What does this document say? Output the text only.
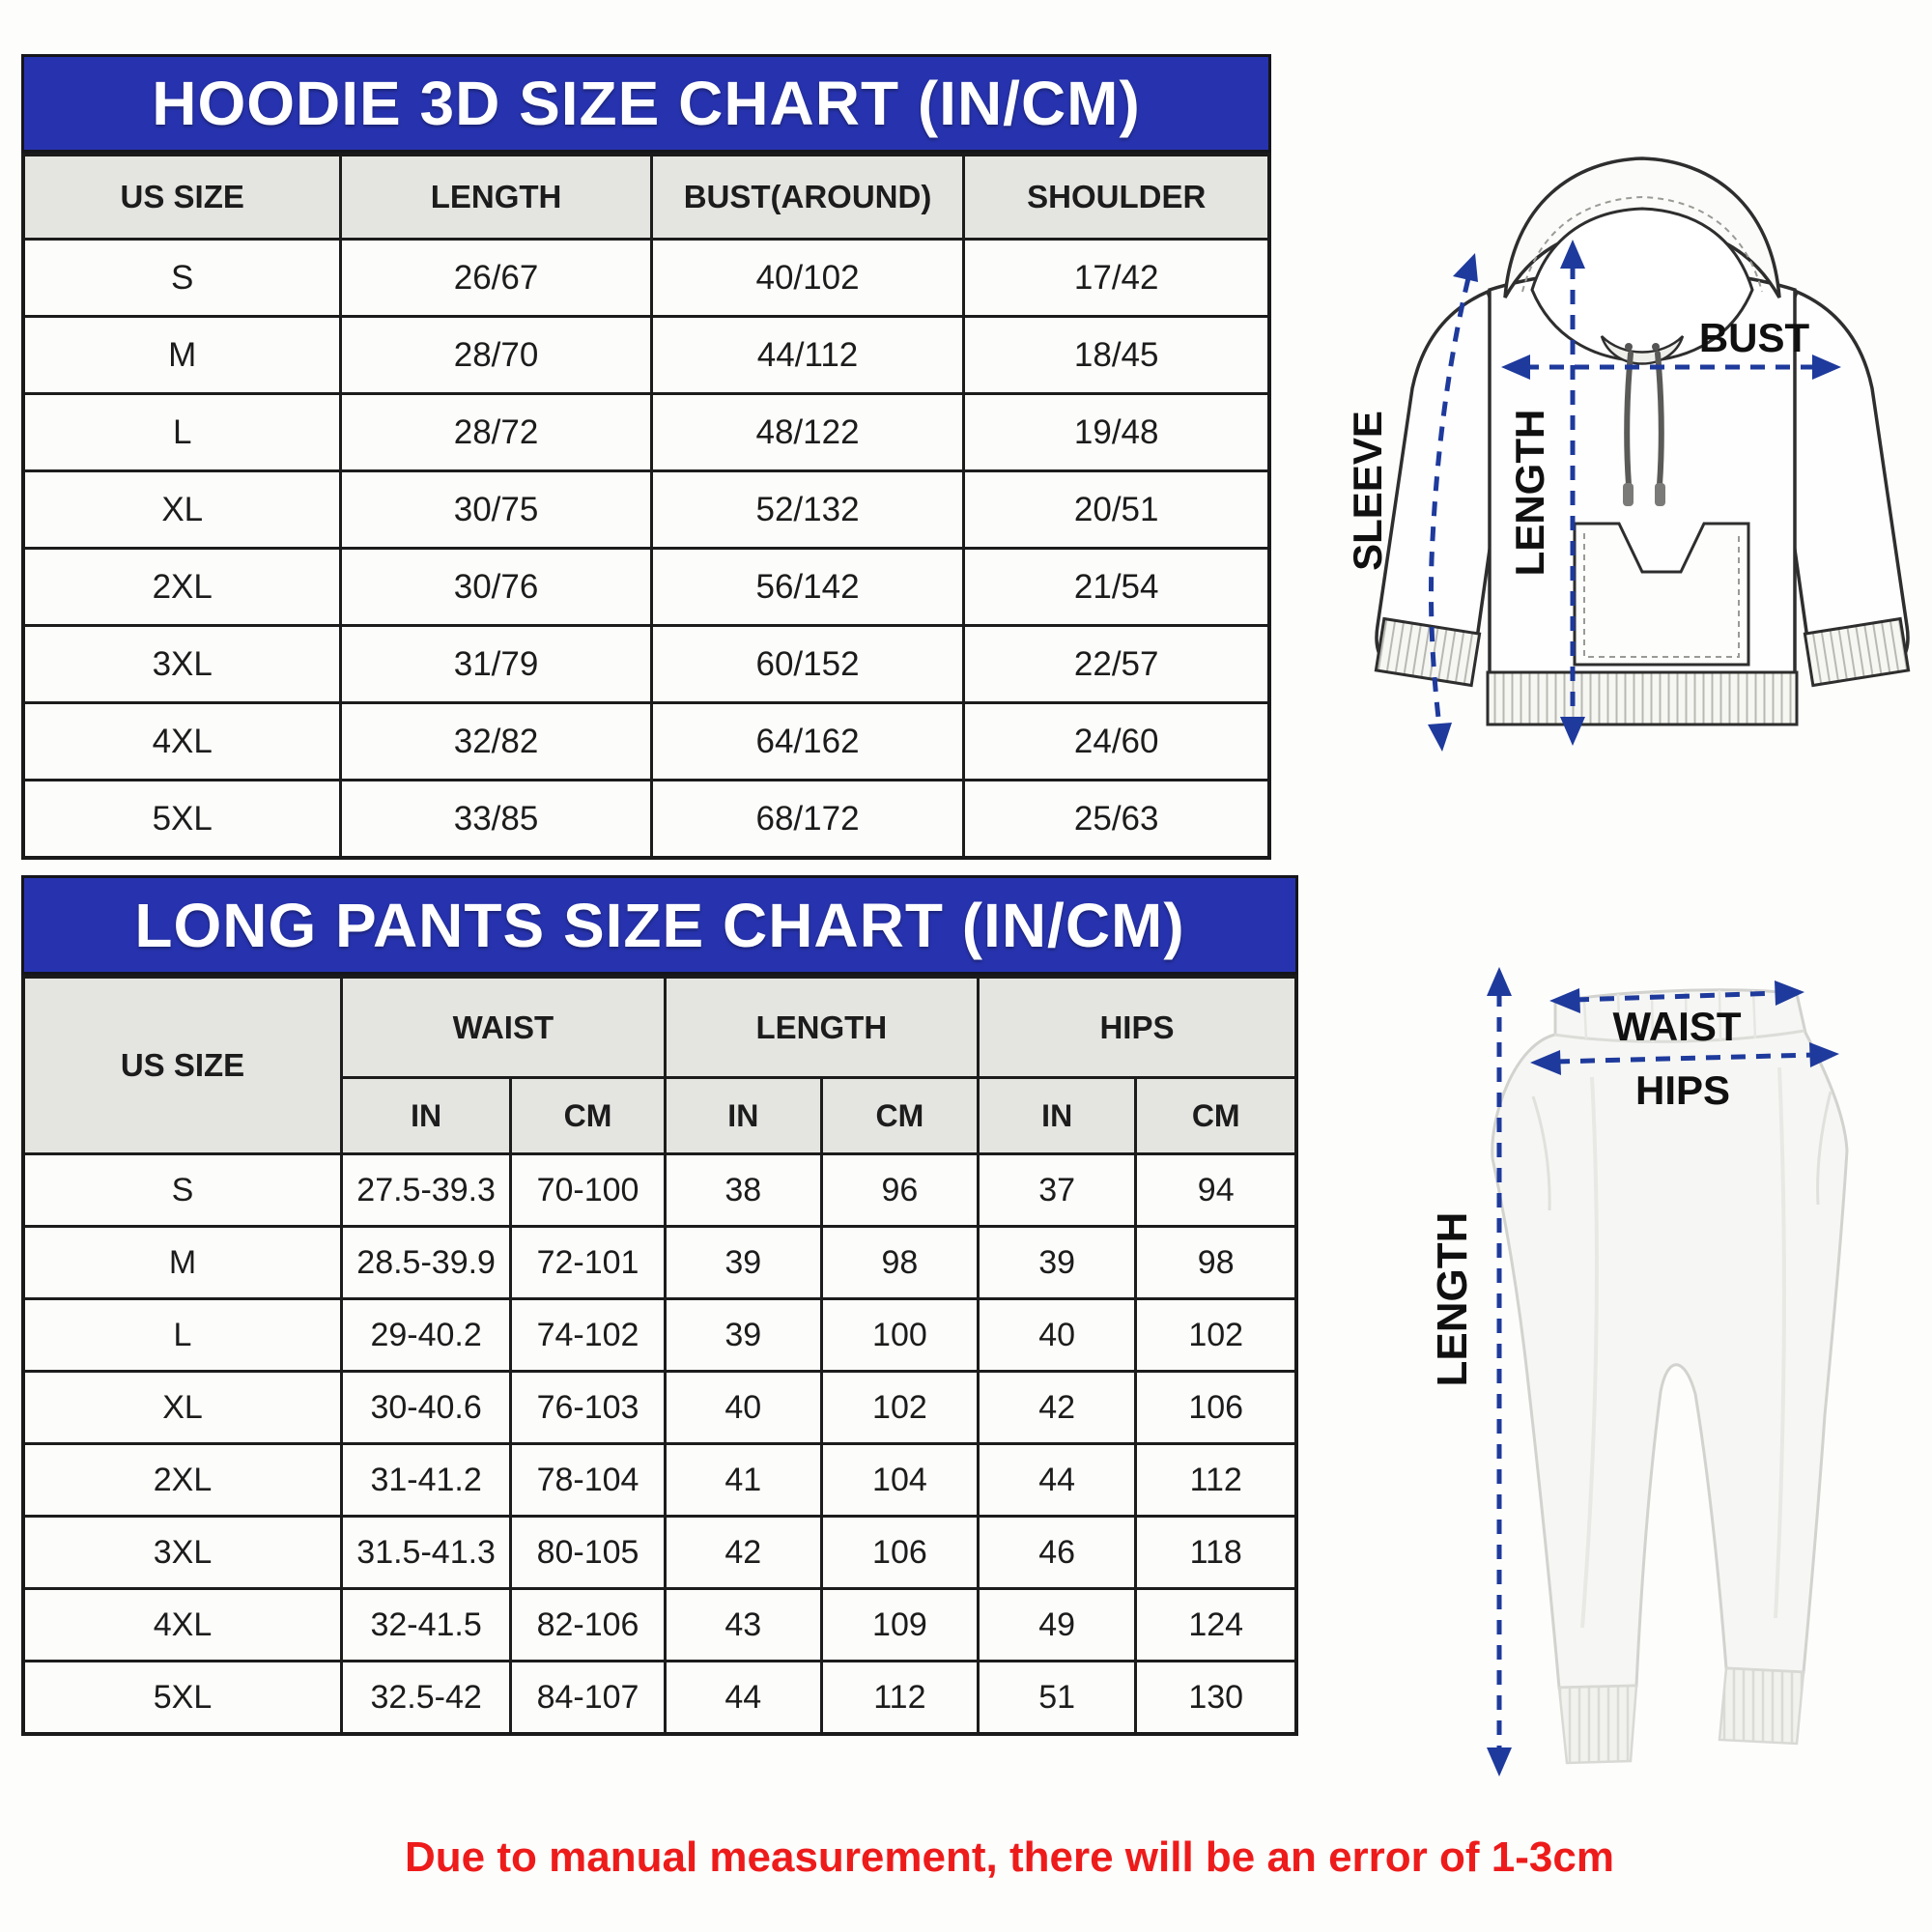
HOODIE 3D SIZE CHART (IN/CM)
US SIZE	LENGTH	BUST(AROUND)	SHOULDER
S	26/67	40/102	17/42
M	28/70	44/112	18/45
L	28/72	48/122	19/48
XL	30/75	52/132	20/51
2XL	30/76	56/142	21/54
3XL	31/79	60/152	22/57
4XL	32/82	64/162	24/60
5XL	33/85	68/172	25/63
LONG PANTS SIZE CHART (IN/CM)
US SIZE	WAIST		LENGTH		HIPS	
	IN	CM	IN	CM	IN	CM
S	27.5-39.3	70-100	38	96	37	94
M	28.5-39.9	72-101	39	98	39	98
L	29-40.2	74-102	39	100	40	102
XL	30-40.6	76-103	40	102	42	106
2XL	31-41.2	78-104	41	104	44	112
3XL	31.5-41.3	80-105	42	106	46	118
4XL	32-41.5	82-106	43	109	49	124
5XL	32.5-42	84-107	44	112	51	130
BUST
LENGTH
SLEEVE
WAIST
HIPS
LENGTH
Due to manual measurement, there will be an error of 1-3cm
